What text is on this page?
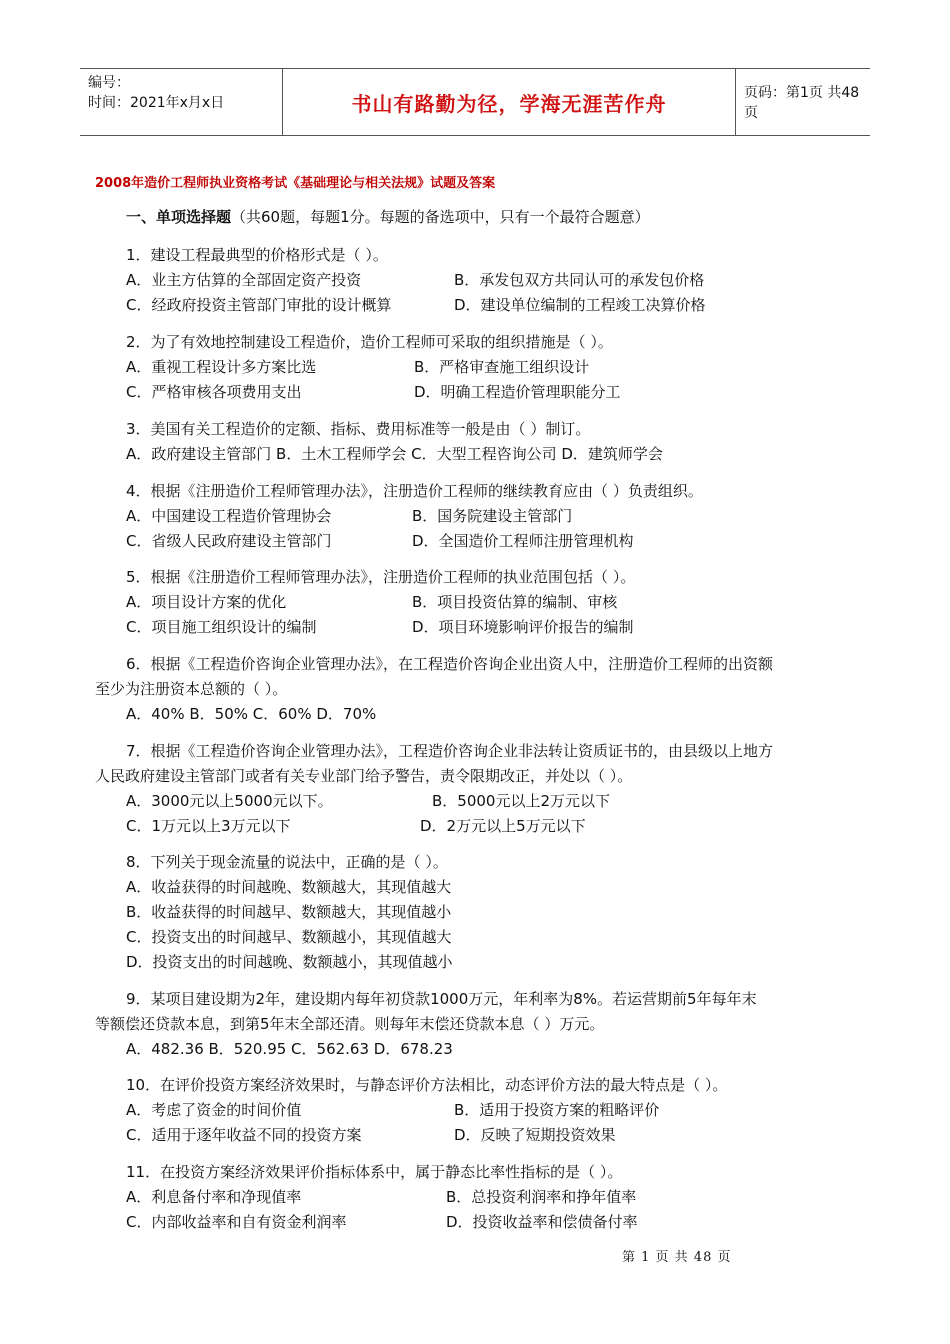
编号：
时间：2021年x月x日	书山有路勤为径，学海无涯苦作舟	页码：第1页 共48页
2008年造价工程师执业资格考试《基础理论与相关法规》试题及答案
一、单项选择题（共60题，每题1分。每题的备选项中，只有一个最符合题意）
1．建设工程最典型的价格形式是（ ）。
A．业主方估算的全部固定资产投资	B．承发包双方共同认可的承发包价格
C．经政府投资主管部门审批的设计概算	D．建设单位编制的工程竣工决算价格
2．为了有效地控制建设工程造价，造价工程师可采取的组织措施是（ ）。
A．重视工程设计多方案比选	B．严格审查施工组织设计
C．严格审核各项费用支出	D．明确工程造价管理职能分工
3．美国有关工程造价的定额、指标、费用标准等一般是由（ ）制订。
A．政府建设主管部门 B．土木工程师学会 C．大型工程咨询公司 D．建筑师学会
4．根据《注册造价工程师管理办法》，注册造价工程师的继续教育应由（ ）负责组织。
A．中国建设工程造价管理协会	B．国务院建设主管部门
C．省级人民政府建设主管部门	D．全国造价工程师注册管理机构
5．根据《注册造价工程师管理办法》，注册造价工程师的执业范围包括（ ）。
A．项目设计方案的优化	B．项目投资估算的编制、审核
C．项目施工组织设计的编制	D．项目环境影响评价报告的编制
6．根据《工程造价咨询企业管理办法》，在工程造价咨询企业出资人中，注册造价工程师的出资额
至少为注册资本总额的（ ）。
A．40% B．50% C．60% D．70%
7．根据《工程造价咨询企业管理办法》，工程造价咨询企业非法转让资质证书的，由县级以上地方
人民政府建设主管部门或者有关专业部门给予警告，责令限期改正，并处以（ ）。
A．3000元以上5000元以下。	B．5000元以上2万元以下
C．1万元以上3万元以下	D．2万元以上5万元以下
8．下列关于现金流量的说法中，正确的是（ ）。
A．收益获得的时间越晚、数额越大，其现值越大
B．收益获得的时间越早、数额越大，其现值越小
C．投资支出的时间越早、数额越小，其现值越大
D．投资支出的时间越晚、数额越小，其现值越小
9．某项目建设期为2年，建设期内每年初贷款1000万元，年利率为8%。若运营期前5年每年末
等额偿还贷款本息，到第5年末全部还清。则每年末偿还贷款本息（ ）万元。
A．482.36 B．520.95 C．562.63 D．678.23
10．在评价投资方案经济效果时，与静态评价方法相比，动态评价方法的最大特点是（ ）。
A．考虑了资金的时间价值	B．适用于投资方案的粗略评价
C．适用于逐年收益不同的投资方案	D．反映了短期投资效果
11．在投资方案经济效果评价指标体系中，属于静态比率性指标的是（ ）。
A．利息备付率和净现值率	B．总投资利润率和挣年值率
C．内部收益率和自有资金利润率	D．投资收益率和偿债备付率
第 1 页 共 48 页
